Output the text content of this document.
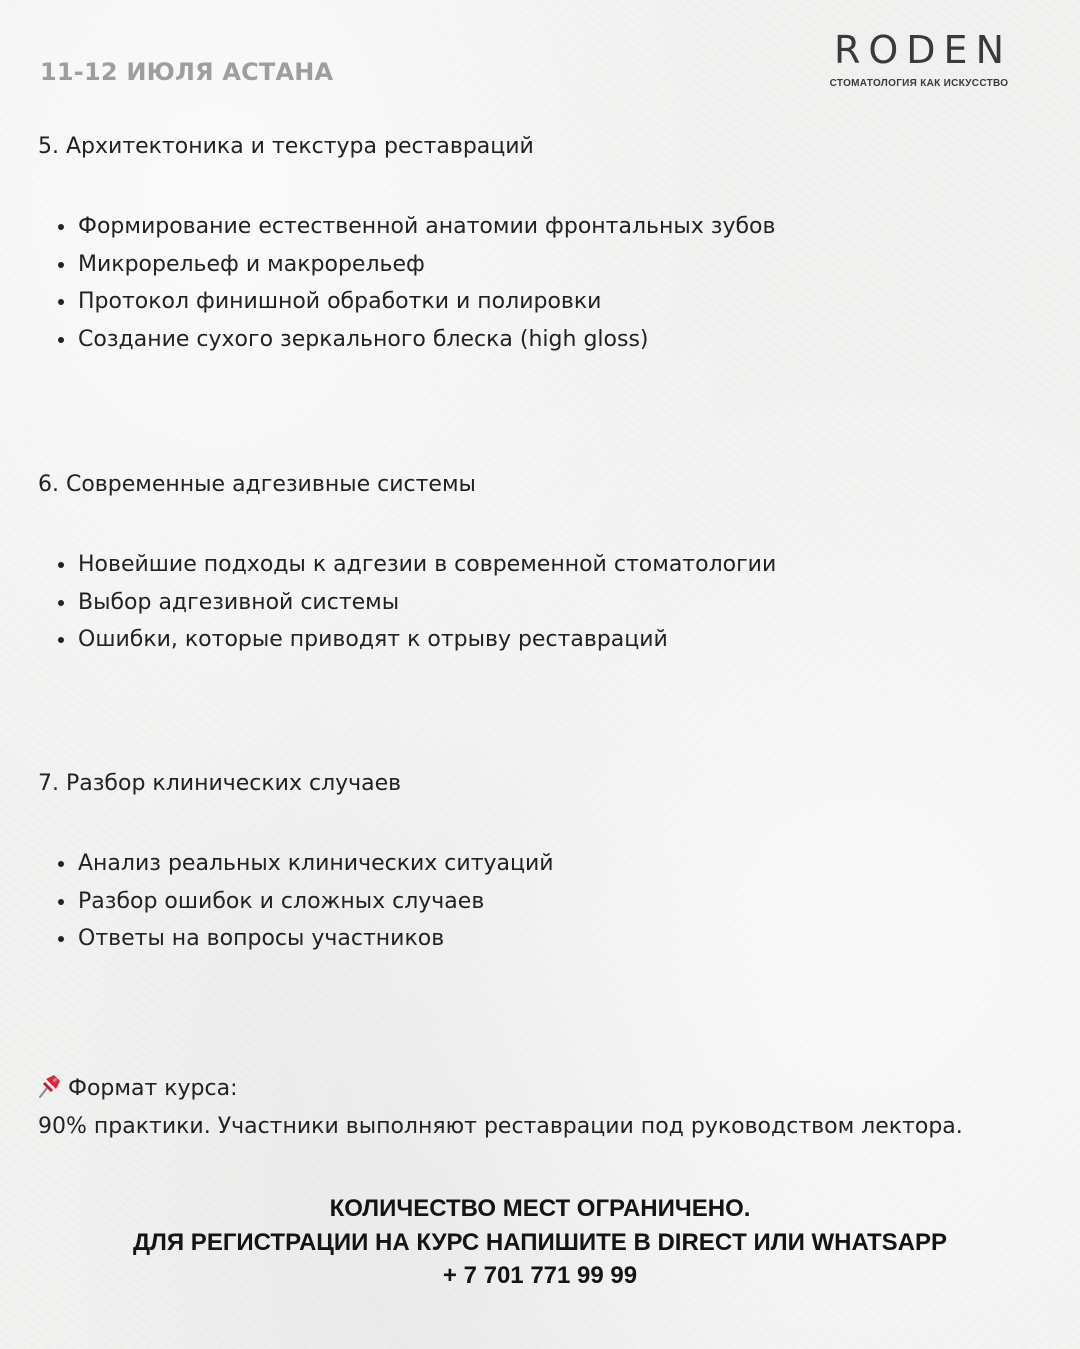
11-12 ИЮЛЯ АСТАНА	RODEN
СТОМАТОЛОГИЯ КАК ИСКУССТВО
5. Архитектоника и текстура реставраций
Формирование естественной анатомии фронтальных зубов
Микрорельеф и макрорельеф
Протокол финишной обработки и полировки
Создание сухого зеркального блеска (high gloss)
6. Современные адгезивные системы
Новейшие подходы к адгезии в современной стоматологии
Выбор адгезивной системы
Ошибки, которые приводят к отрыву реставраций
7. Разбор клинических случаев
Анализ реальных клинических ситуаций
Разбор ошибок и сложных случаев
Ответы на вопросы участников
Формат курса:
90% практики. Участники выполняют реставрации под руководством лектора.
КОЛИЧЕСТВО МЕСТ ОГРАНИЧЕНО.
ДЛЯ РЕГИСТРАЦИИ НА КУРС НАПИШИТЕ В DIRECT ИЛИ WHATSAPP
+ 7 701 771 99 99
